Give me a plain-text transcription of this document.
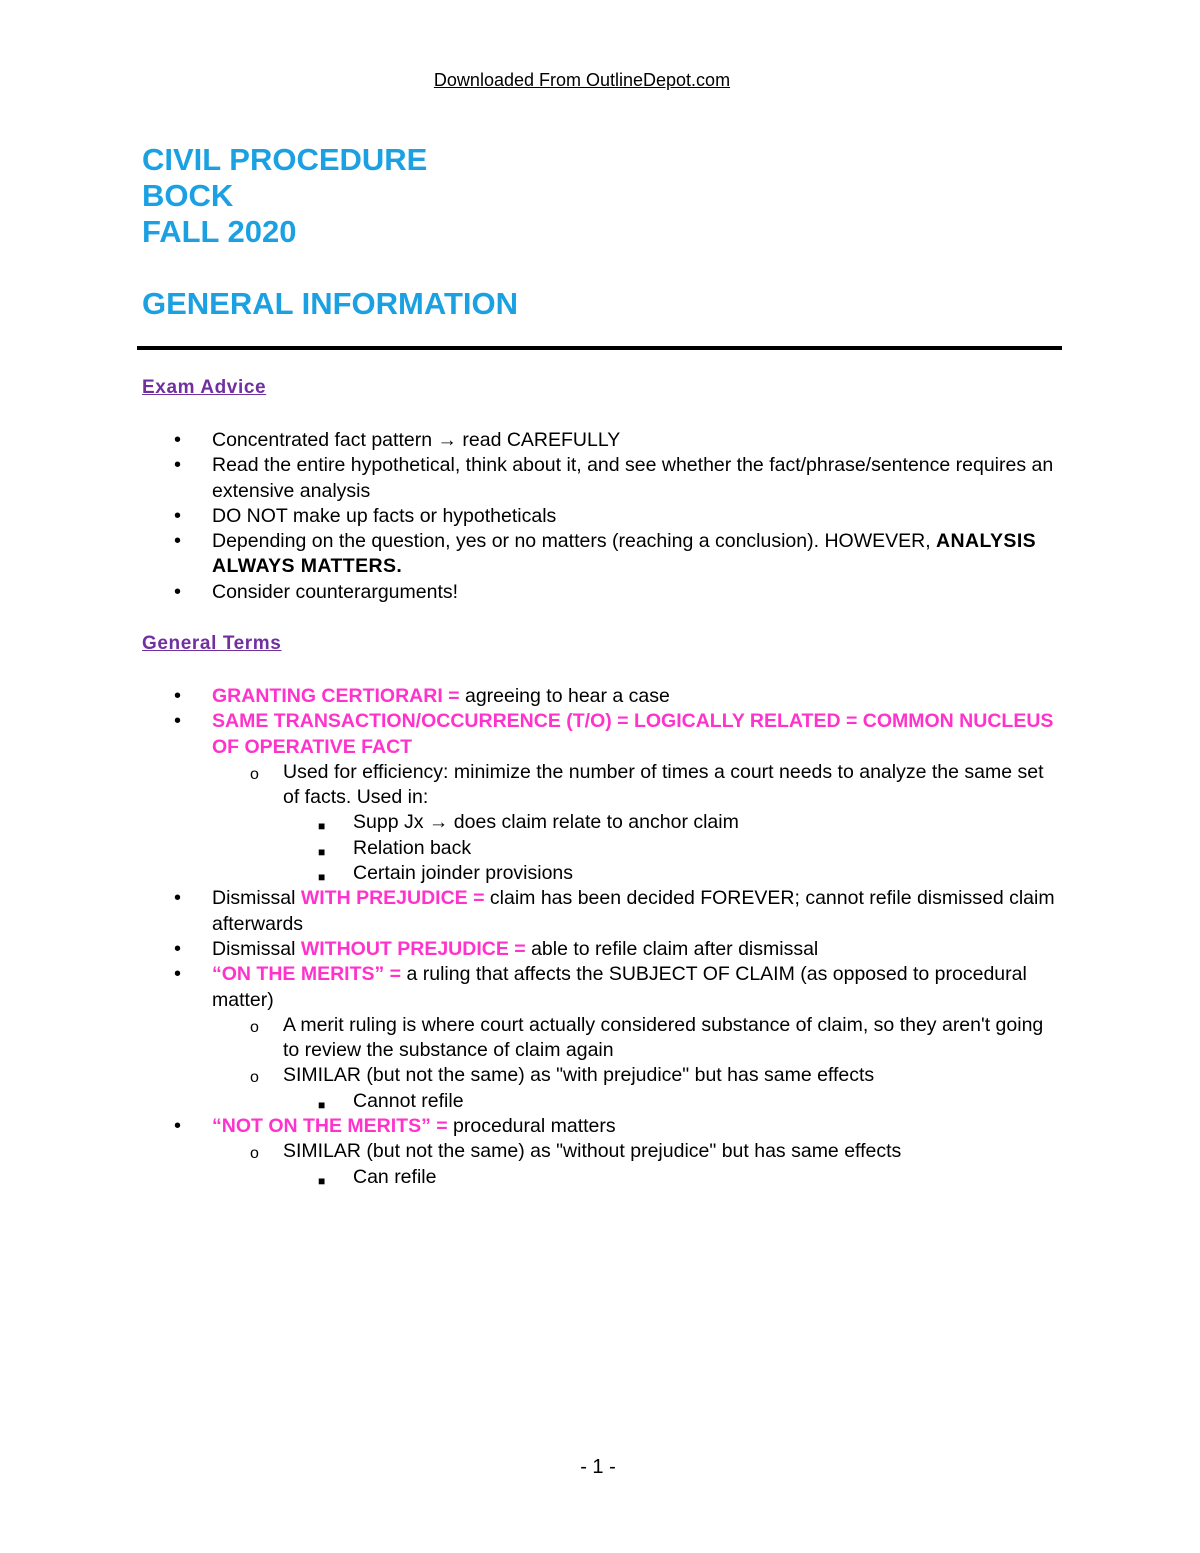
Downloaded From OutlineDepot.com
CIVIL PROCEDURE
BOCK
FALL 2020
GENERAL INFORMATION
Exam Advice
• Concentrated fact pattern → read CAREFULLY
• Read the entire hypothetical, think about it, and see whether the fact/phrase/sentence requires an extensive analysis
• DO NOT make up facts or hypotheticals
• Depending on the question, yes or no matters (reaching a conclusion). HOWEVER, ANALYSIS ALWAYS MATTERS.
• Consider counterarguments!
General Terms
• GRANTING CERTIORARI = agreeing to hear a case
• SAME TRANSACTION/OCCURRENCE (T/O) = LOGICALLY RELATED = COMMON NUCLEUS OF OPERATIVE FACT
o Used for efficiency: minimize the number of times a court needs to analyze the same set of facts. Used in:
■ Supp Jx → does claim relate to anchor claim
■ Relation back
■ Certain joinder provisions
• Dismissal WITH PREJUDICE = claim has been decided FOREVER; cannot refile dismissed claim afterwards
• Dismissal WITHOUT PREJUDICE = able to refile claim after dismissal
• “ON THE MERITS” = a ruling that affects the SUBJECT OF CLAIM (as opposed to procedural matter)
o A merit ruling is where court actually considered substance of claim, so they aren't going to review the substance of claim again
o SIMILAR (but not the same) as "with prejudice" but has same effects
■ Cannot refile
• “NOT ON THE MERITS” = procedural matters
o SIMILAR (but not the same) as "without prejudice" but has same effects
■ Can refile
- 1 -
